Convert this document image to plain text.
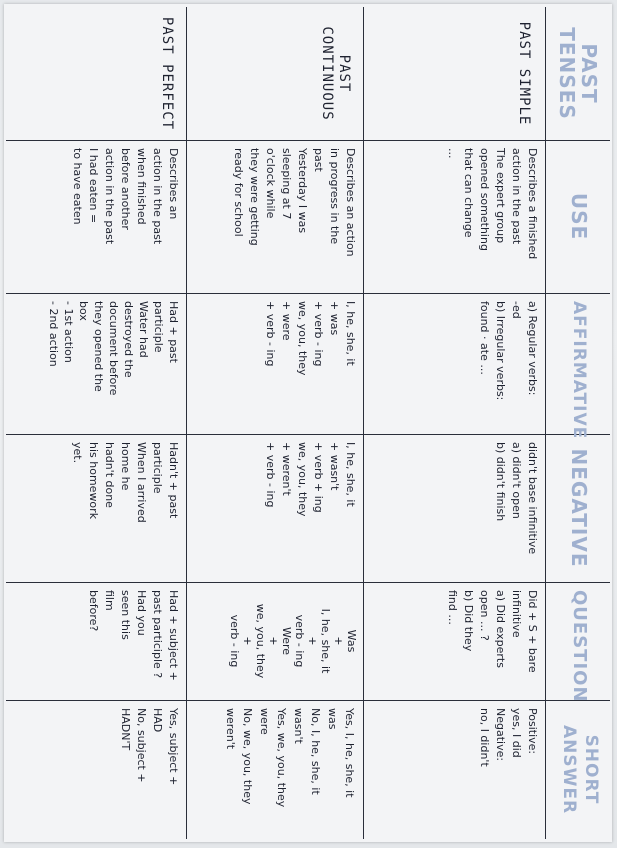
PAST TENSES
USE
AFFIRMATIVE
NEGATIVE
QUESTION
SHORT ANSWER
PAST SIMPLE
Describes a finished
action in the past
The expert group
opened something
that can change
...
a) Regular verbs:
-ed
b) Irregular verbs:
found · ate ...
didn't base infinitive
a) didn't open
b) didn't finish
Did + S + bare
infinitive
a) Did experts
open ... ?
b) Did they
find ...
Positive:
yes, I did
Negative:
no, I didn't
PAST CONTINUOUS
Describes an action
in progress in the
past
Yesterday I was
sleeping at 7
o'clock while
they were getting
ready for school
I, he, she, it
+ was
+ verb - ing
we, you, they
+ were
+ verb - ing
I, he, she, it
+ wasn't
+ verb + ing
we, you, they
+ weren't
+ verb - ing
Was
+
I, he, she, it
+
verb - ing
Were
+
we, you, they
+
verb - ing
Yes, I, he, she, it
was
No, I, he, she, it
wasn't
Yes, we, you, they
were
No, we, you, they
weren't
PAST PERFECT
Describes an
action in the past
when finished
before another
action in the past
I had eaten =
to have eaten
Had + past
participle
Water had
destroyed the
document before
they opened the
box
- 1st action
- 2nd action
Hadn't + past
participle
When I arrived
home he
hadn't done
his homework
yet.
Had + subject +
past participle ?
Had you
seen this
film
before?
Yes, subject +
HAD
No, subject +
HADN'T
